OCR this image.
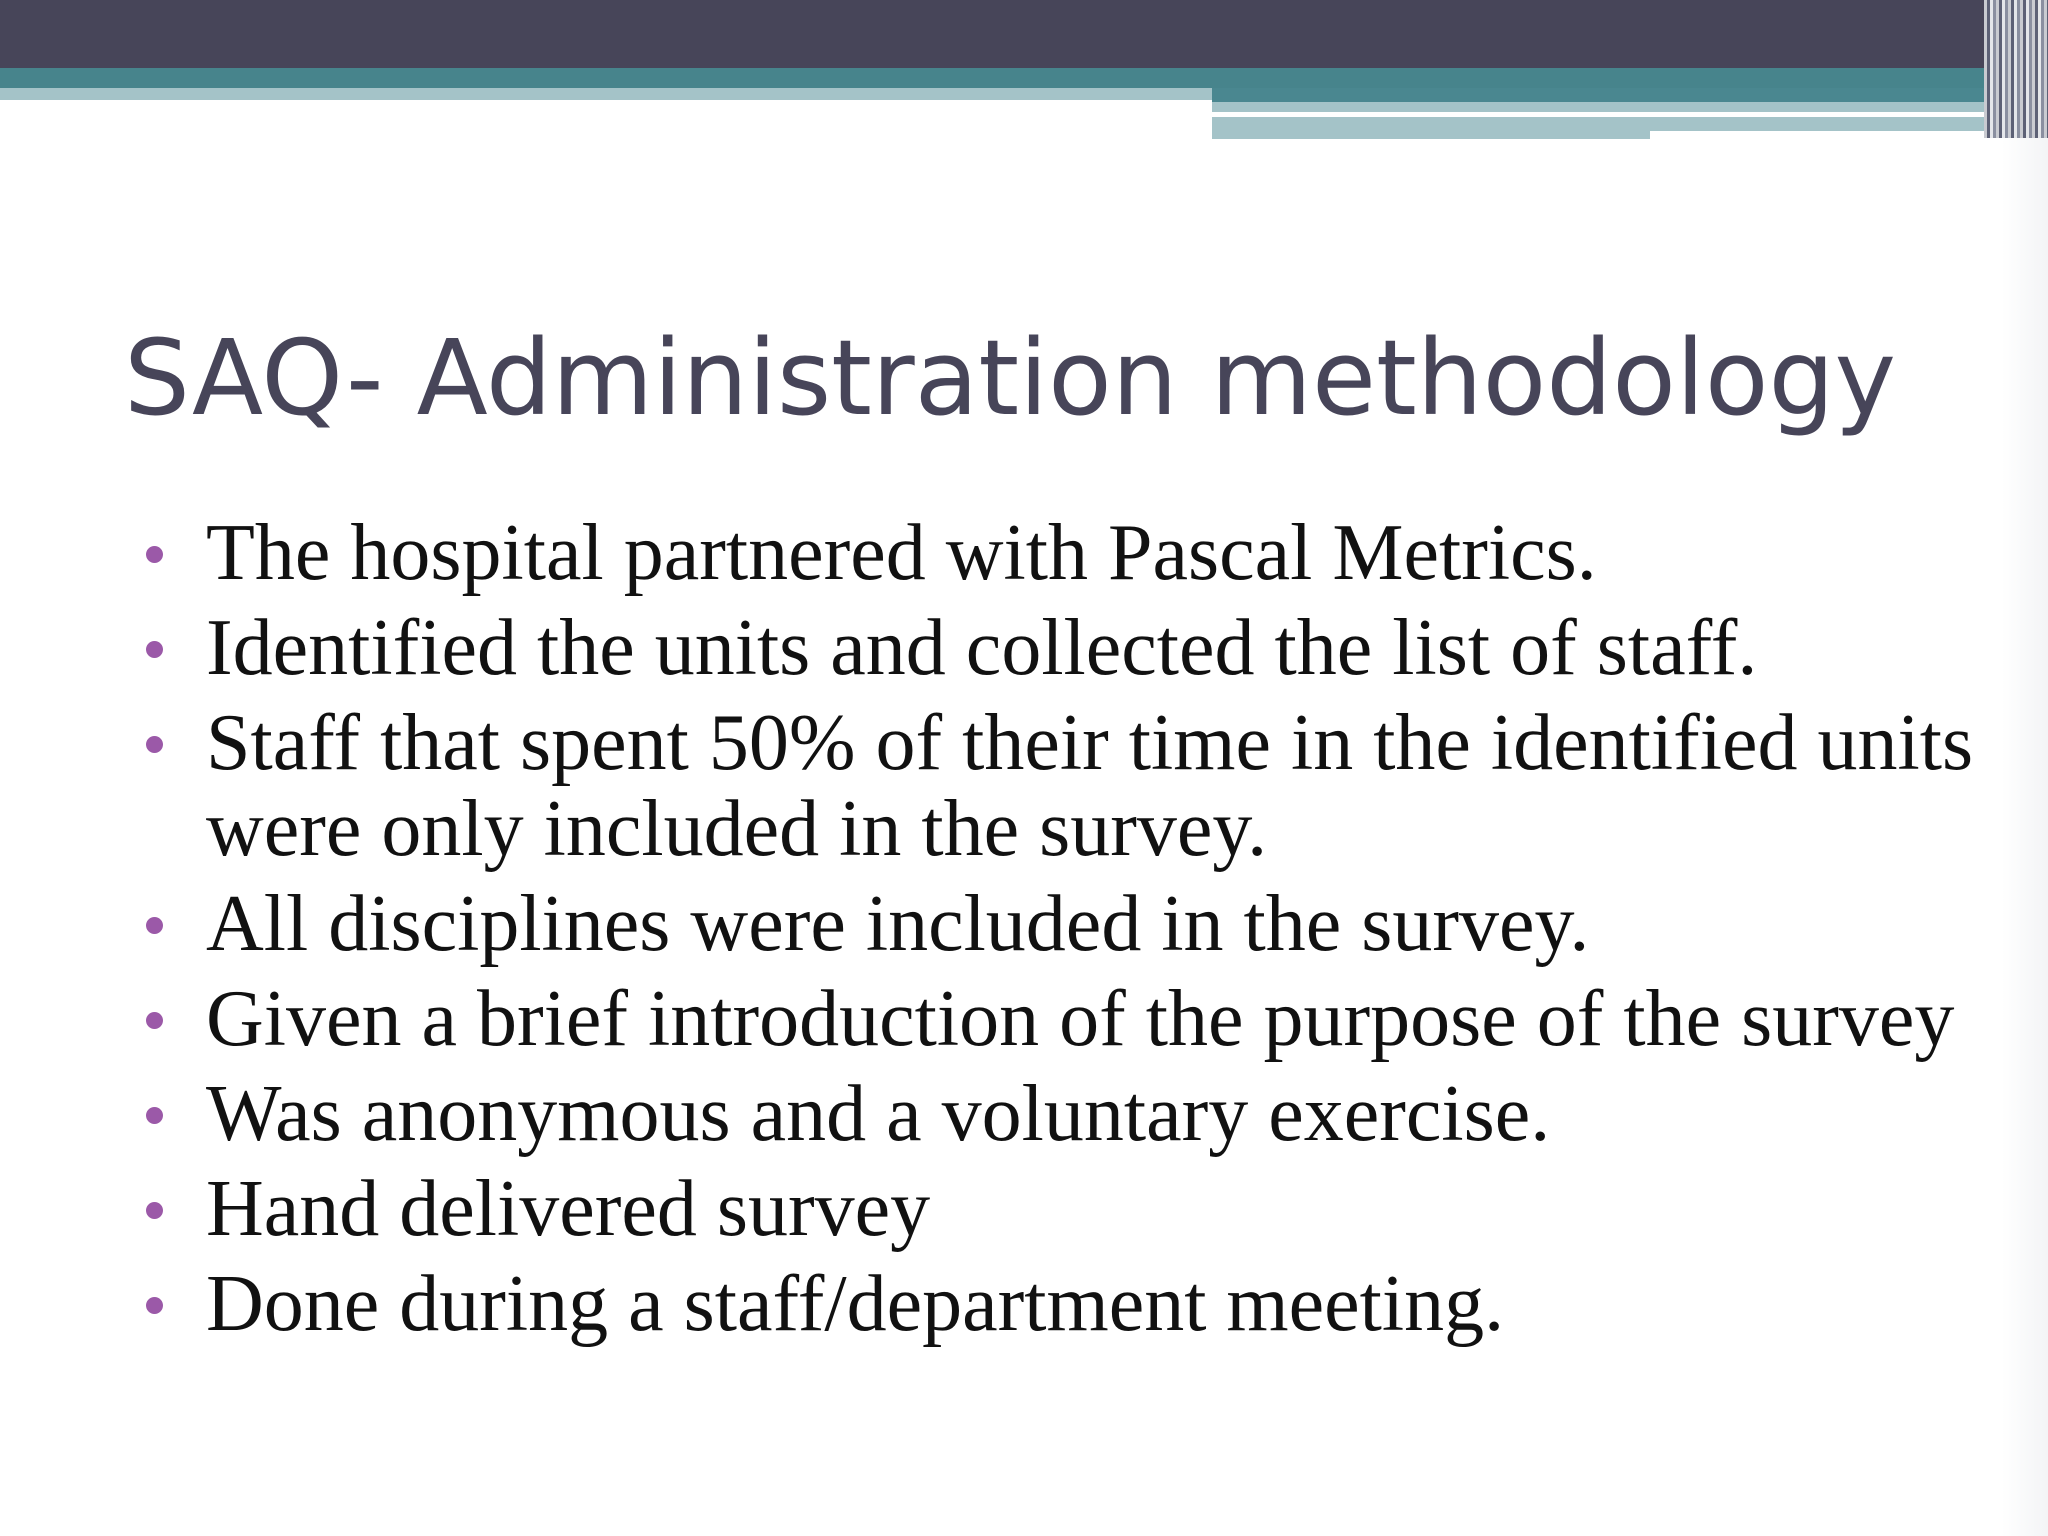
SAQ- Administration methodology
The hospital partnered with Pascal Metrics.
Identified the units and collected the list of staff.
Staff that spent 50% of their time in the identified units were only included in the survey.
All disciplines were included in the survey.
Given a brief introduction of the purpose of the survey
Was anonymous and a voluntary exercise.
Hand delivered survey
Done during a staff/department meeting.
